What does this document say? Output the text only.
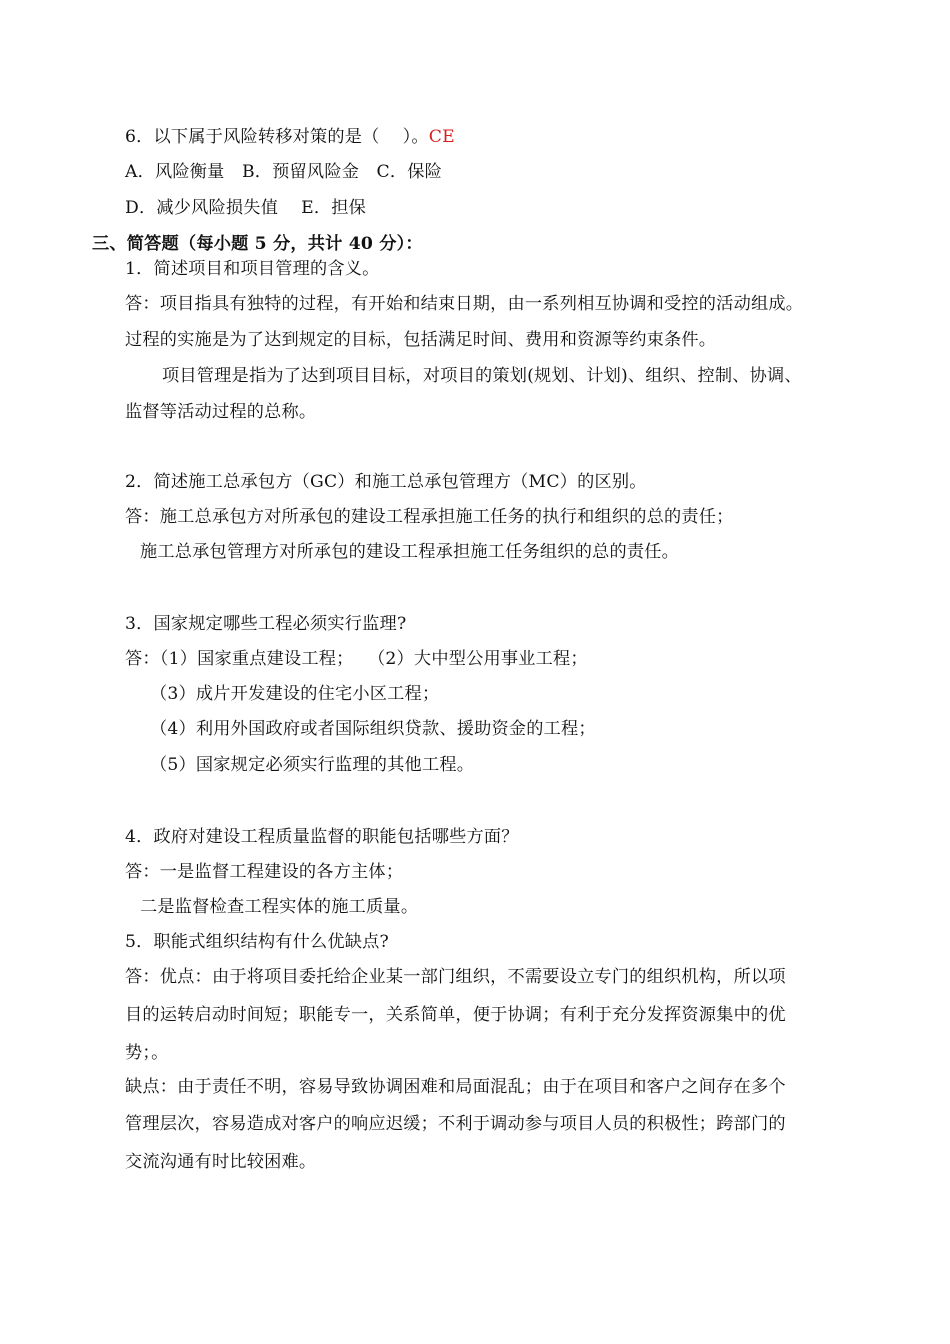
6．以下属于风险转移对策的是（　 ）。CE
A．风险衡量　B．预留风险金　C．保险
D．减少风险损失值　 E．担保
三、简答题（每小题 5 分，共计 40 分）：
1．简述项目和项目管理的含义。
答：项目指具有独特的过程，有开始和结束日期，由一系列相互协调和受控的活动组成。
过程的实施是为了达到规定的目标，包括满足时间、费用和资源等约束条件。
项目管理是指为了达到项目目标，对项目的策划(规划、计划)、组织、控制、协调、
监督等活动过程的总称。
2．简述施工总承包方（GC）和施工总承包管理方（MC）的区别。
答：施工总承包方对所承包的建设工程承担施工任务的执行和组织的总的责任；
施工总承包管理方对所承包的建设工程承担施工任务组织的总的责任。
3．国家规定哪些工程必须实行监理?
答：（1）国家重点建设工程；　 （2）大中型公用事业工程；
（3）成片开发建设的住宅小区工程；
（4）利用外国政府或者国际组织贷款、援助资金的工程；
（5）国家规定必须实行监理的其他工程。
4．政府对建设工程质量监督的职能包括哪些方面？
答：一是监督工程建设的各方主体；
二是监督检查工程实体的施工质量。
5．职能式组织结构有什么优缺点?
答：优点：由于将项目委托给企业某一部门组织，不需要设立专门的组织机构，所以项
目的运转启动时间短；职能专一，关系简单，便于协调；有利于充分发挥资源集中的优
势；。
缺点：由于责任不明，容易导致协调困难和局面混乱；由于在项目和客户之间存在多个
管理层次，容易造成对客户的响应迟缓；不利于调动参与项目人员的积极性；跨部门的
交流沟通有时比较困难。
